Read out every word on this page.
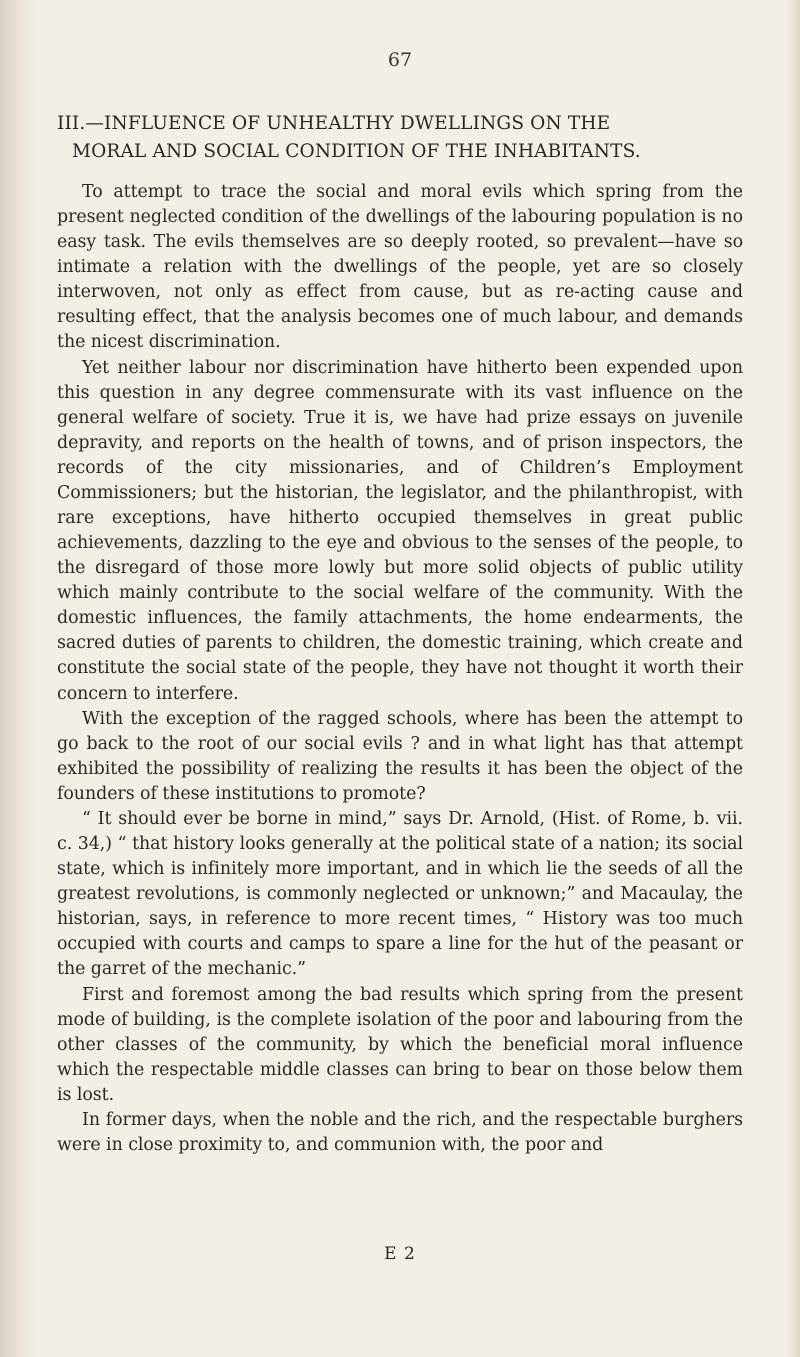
67
III.—INFLUENCE OF UNHEALTHY DWELLINGS ON THE
MORAL AND SOCIAL CONDITION OF THE INHABITANTS.

To attempt to trace the social and moral evils which spring from the present neglected condition of the dwellings of the labouring population is no easy task. The evils themselves are so deeply rooted, so prevalent—have so intimate a relation with the dwellings of the people, yet are so closely interwoven, not only as effect from cause, but as re-acting cause and resulting effect, that the analysis becomes one of much labour, and demands the nicest discrimination.

Yet neither labour nor discrimination have hitherto been expended upon this question in any degree commensurate with its vast influence on the general welfare of society. True it is, we have had prize essays on juvenile depravity, and reports on the health of towns, and of prison inspectors, the records of the city missionaries, and of Children’s Employment Commissioners; but the historian, the legislator, and the philanthropist, with rare exceptions, have hitherto occupied themselves in great public achievements, dazzling to the eye and obvious to the senses of the people, to the disregard of those more lowly but more solid objects of public utility which mainly contribute to the social welfare of the community. With the domestic influences, the family attachments, the home endearments, the sacred duties of parents to children, the domestic training, which create and constitute the social state of the people, they have not thought it worth their concern to interfere.

With the exception of the ragged schools, where has been the attempt to go back to the root of our social evils ? and in what light has that attempt exhibited the possibility of realizing the results it has been the object of the founders of these institutions to promote?

“ It should ever be borne in mind,” says Dr. Arnold, (Hist. of Rome, b. vii. c. 34,) “ that history looks generally at the political state of a nation; its social state, which is infinitely more important, and in which lie the seeds of all the greatest revolutions, is commonly neglected or unknown;” and Macaulay, the historian, says, in reference to more recent times, “ History was too much occupied with courts and camps to spare a line for the hut of the peasant or the garret of the mechanic.”

First and foremost among the bad results which spring from the present mode of building, is the complete isolation of the poor and labouring from the other classes of the community, by which the beneficial moral influence which the respectable middle classes can bring to bear on those below them is lost.

In former days, when the noble and the rich, and the respectable burghers were in close proximity to, and communion with, the poor and

E 2
